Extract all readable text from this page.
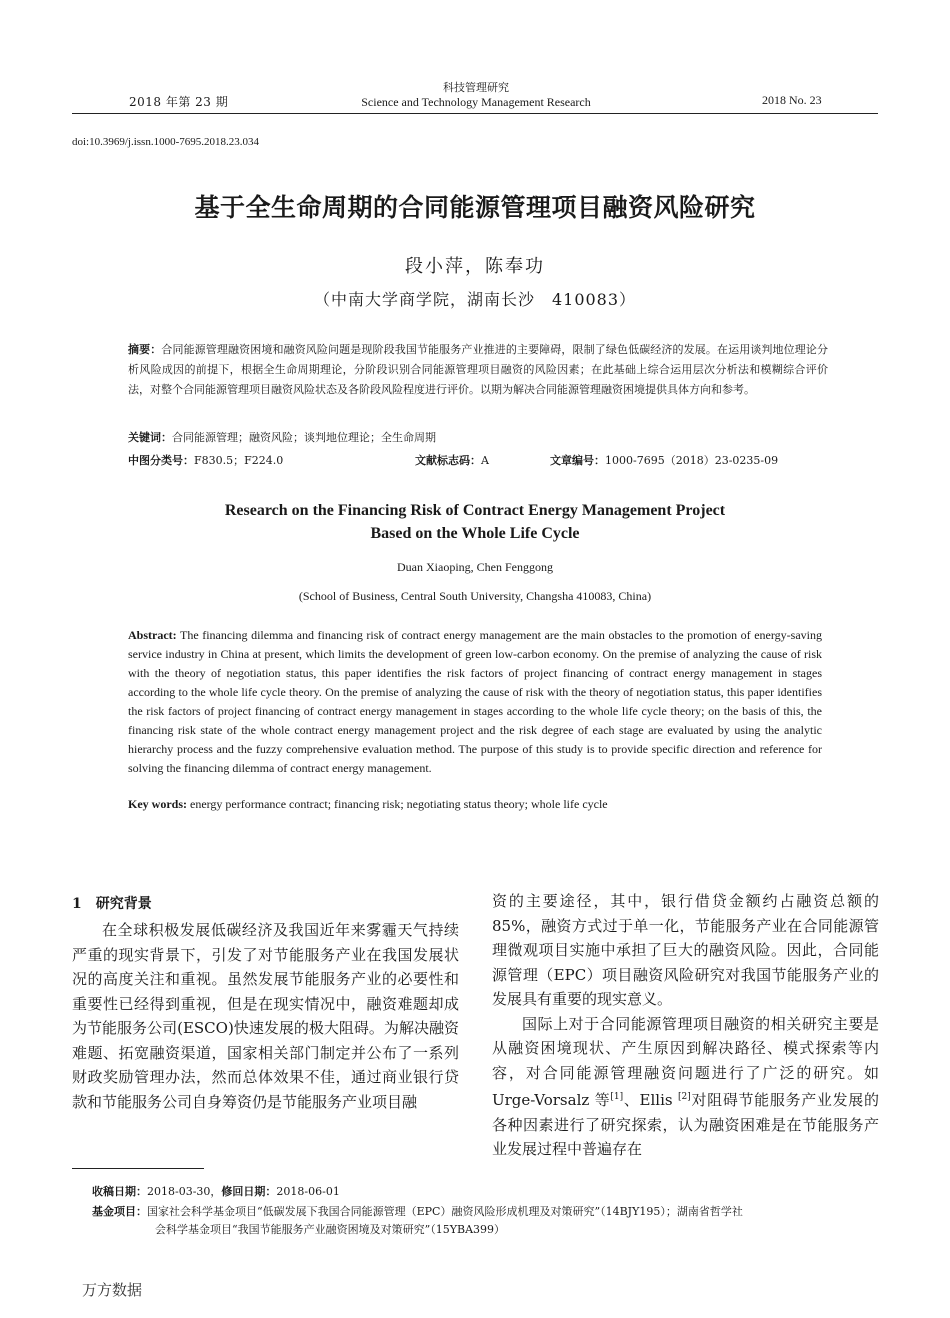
2018 年第 23 期
科技管理研究
Science and Technology Management Research	2018 No. 23
doi:10.3969/j.issn.1000-7695.2018.23.034
基于全生命周期的合同能源管理项目融资风险研究
段小萍，陈奉功
（中南大学商学院，湖南长沙　410083）
摘要：合同能源管理融资困境和融资风险问题是现阶段我国节能服务产业推进的主要障碍，限制了绿色低碳经济的发展。在运用谈判地位理论分析风险成因的前提下，根据全生命周期理论，分阶段识别合同能源管理项目融资的风险因素；在此基础上综合运用层次分析法和模糊综合评价法，对整个合同能源管理项目融资风险状态及各阶段风险程度进行评价。以期为解决合同能源管理融资困境提供具体方向和参考。
关键词：合同能源管理；融资风险；谈判地位理论；全生命周期
中图分类号：F830.5；F224.0	文献标志码：A	文章编号：1000-7695（2018）23-0235-09
Research on the Financing Risk of Contract Energy Management Project
Based on the Whole Life Cycle
Duan Xiaoping, Chen Fenggong
(School of Business, Central South University, Changsha 410083, China)
Abstract: The financing dilemma and financing risk of contract energy management are the main obstacles to the promotion of energy-saving service industry in China at present, which limits the development of green low-carbon economy. On the premise of analyzing the cause of risk with the theory of negotiation status, this paper identifies the risk factors of project financing of contract energy management in stages according to the whole life cycle theory. On the premise of analyzing the cause of risk with the theory of negotiation status, this paper identifies the risk factors of project financing of contract energy management in stages according to the whole life cycle theory; on the basis of this, the financing risk state of the whole contract energy management project and the risk degree of each stage are evaluated by using the analytic hierarchy process and the fuzzy comprehensive evaluation method. The purpose of this study is to provide specific direction and reference for solving the financing dilemma of contract energy management.
Key words: energy performance contract; financing risk; negotiating status theory; whole life cycle
1　研究背景

在全球积极发展低碳经济及我国近年来雾霾天气持续严重的现实背景下，引发了对节能服务产业在我国发展状况的高度关注和重视。虽然发展节能服务产业的必要性和重要性已经得到重视，但是在现实情况中，融资难题却成为节能服务公司(ESCO)快速发展的极大阻碍。为解决融资难题、拓宽融资渠道，国家相关部门制定并公布了一系列财政奖励管理办法，然而总体效果不佳，通过商业银行贷款和节能服务公司自身筹资仍是节能服务产业项目融

资的主要途径，其中，银行借贷金额约占融资总额的 85%，融资方式过于单一化，节能服务产业在合同能源管理微观项目实施中承担了巨大的融资风险。因此，合同能源管理（EPC）项目融资风险研究对我国节能服务产业的发展具有重要的现实意义。

国际上对于合同能源管理项目融资的相关研究主要是从融资困境现状、产生原因到解决路径、模式探索等内容，对合同能源管理融资问题进行了广泛的研究。如 Urge-Vorsalz 等[1]、Ellis [2]对阻碍节能服务产业发展的各种因素进行了研究探索，认为融资困难是在节能服务产业发展过程中普遍存在

收稿日期：2018-03-30，修回日期：2018-06-01
基金项目：国家社会科学基金项目“低碳发展下我国合同能源管理（EPC）融资风险形成机理及对策研究”（14BJY195）；湖南省哲学社
会科学基金项目“我国节能服务产业融资困境及对策研究”（15YBA399）
万方数据
